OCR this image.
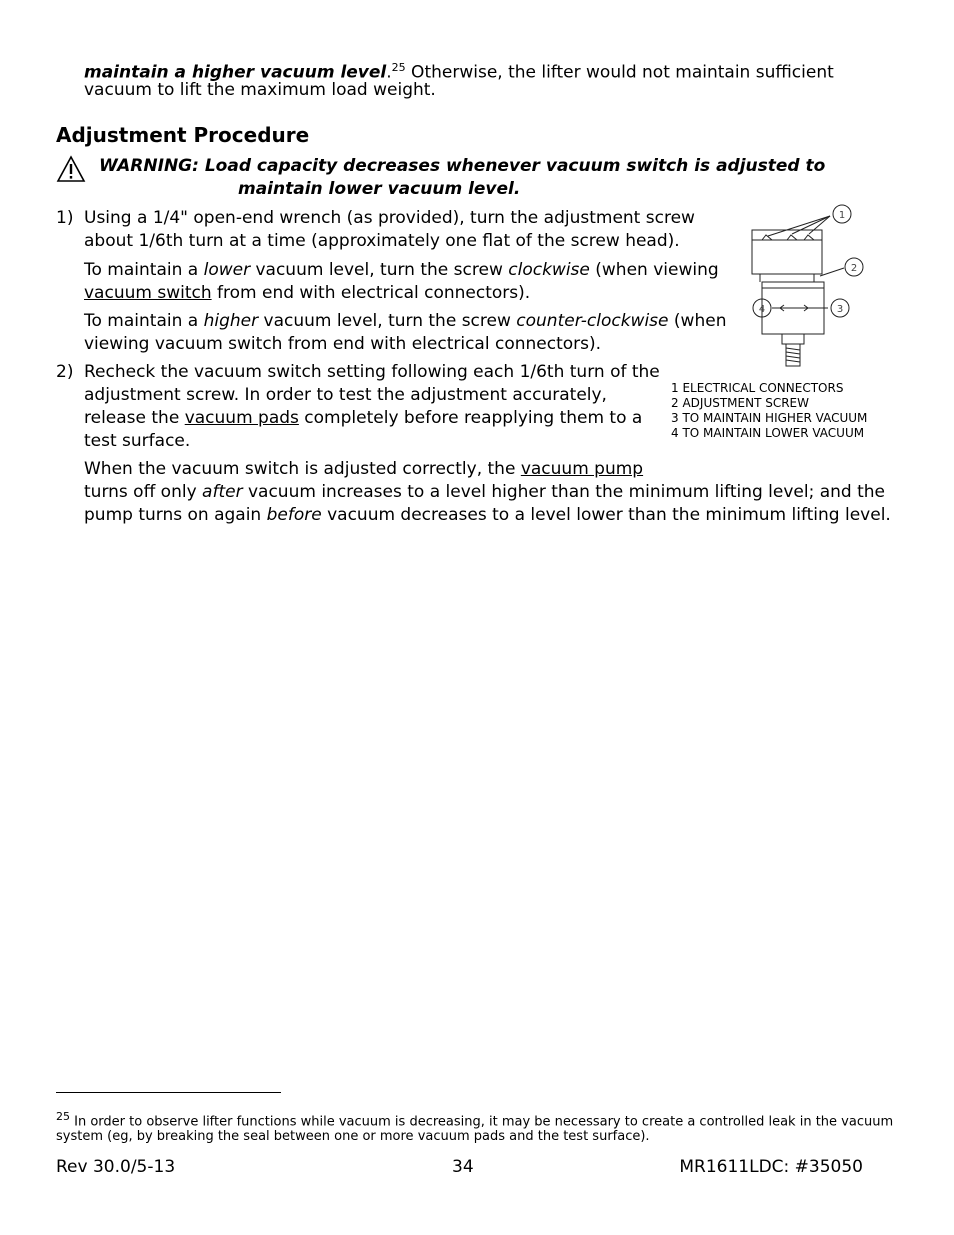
maintain a higher vacuum level.$^{25}$ Otherwise, the lifter would not maintain sufficient
vacuum to lift the maximum load weight.
Adjustment Procedure
WARNING: Load capacity decreases whenever vacuum switch is adjusted to
maintain lower vacuum level.
1) Using a 1/4" open-end wrench (as provided), turn the adjustment screw
about 1/6th turn at a time (approximately one flat of the screw head).
To maintain a lower vacuum level, turn the screw clockwise (when viewing
vacuum switch from end with electrical connectors).
To maintain a higher vacuum level, turn the screw counter-clockwise (when
viewing vacuum switch from end with electrical connectors).
2) Recheck the vacuum switch setting following each 1/6th turn of the
adjustment screw. In order to test the adjustment accurately,
release the vacuum pads completely before reapplying them to a
test surface.
When the vacuum switch is adjusted correctly, the vacuum pump
turns off only after vacuum increases to a level higher than the minimum lifting level; and the
pump turns on again before vacuum decreases to a level lower than the minimum lifting level.
1
2
3
4
1 ELECTRICAL CONNECTORS
2 ADJUSTMENT SCREW
3 TO MAINTAIN HIGHER VACUUM
4 TO MAINTAIN LOWER VACUUM
$^{25}$ In order to observe lifter functions while vacuum is decreasing, it may be necessary to create a controlled leak in the vacuum
system (eg, by breaking the seal between one or more vacuum pads and the test surface).
Rev 30.0/5-13	34	MR1611LDC: #35050
